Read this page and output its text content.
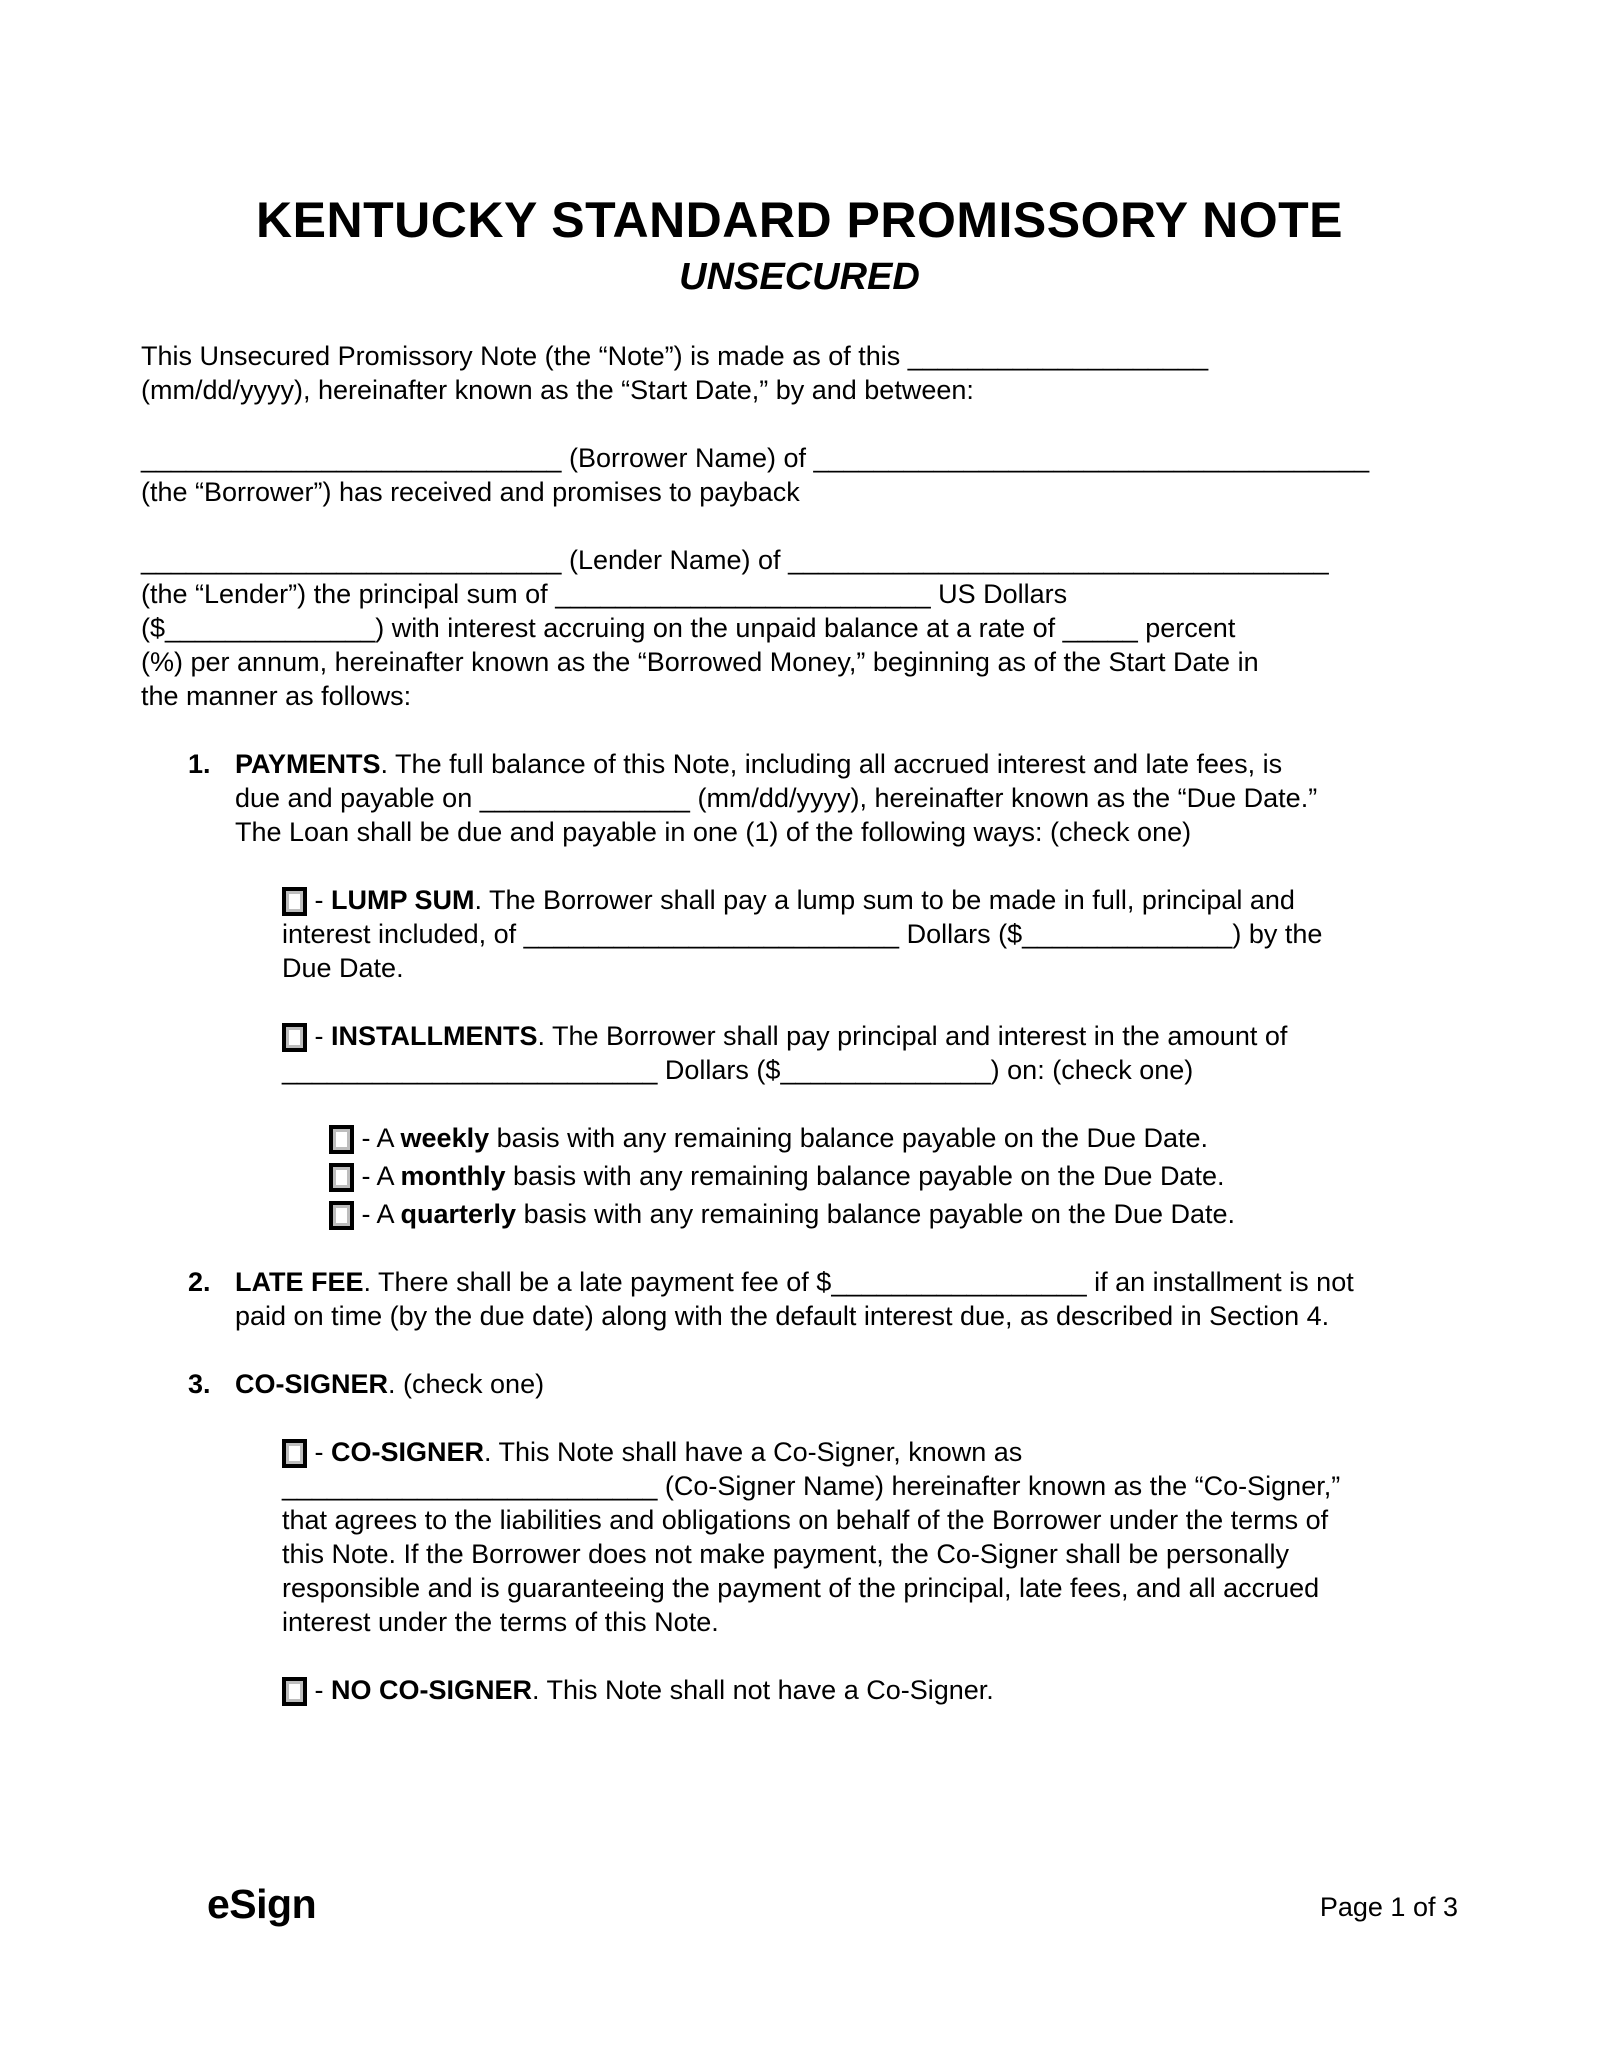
KENTUCKY STANDARD PROMISSORY NOTE
UNSECURED
This Unsecured Promissory Note (the “Note”) is made as of this ____________________
(mm/dd/yyyy), hereinafter known as the “Start Date,” by and between:
____________________________ (Borrower Name) of _____________________________________
(the “Borrower”) has received and promises to payback
____________________________ (Lender Name) of ____________________________________
(the “Lender”) the principal sum of _________________________ US Dollars
($______________) with interest accruing on the unpaid balance at a rate of _____ percent
(%) per annum, hereinafter known as the “Borrowed Money,” beginning as of the Start Date in
the manner as follows:
1. PAYMENTS. The full balance of this Note, including all accrued interest and late fees, is
due and payable on ______________ (mm/dd/yyyy), hereinafter known as the “Due Date.”
The Loan shall be due and payable in one (1) of the following ways: (check one)
- LUMP SUM. The Borrower shall pay a lump sum to be made in full, principal and
interest included, of _________________________ Dollars ($______________) by the
Due Date.
- INSTALLMENTS. The Borrower shall pay principal and interest in the amount of
_________________________ Dollars ($______________) on: (check one)
- A weekly basis with any remaining balance payable on the Due Date.
- A monthly basis with any remaining balance payable on the Due Date.
- A quarterly basis with any remaining balance payable on the Due Date.
2. LATE FEE. There shall be a late payment fee of $_________________ if an installment is not
paid on time (by the due date) along with the default interest due, as described in Section 4.
3. CO-SIGNER. (check one)
- CO-SIGNER. This Note shall have a Co-Signer, known as
_________________________ (Co-Signer Name) hereinafter known as the “Co-Signer,”
that agrees to the liabilities and obligations on behalf of the Borrower under the terms of
this Note. If the Borrower does not make payment, the Co-Signer shall be personally
responsible and is guaranteeing the payment of the principal, late fees, and all accrued
interest under the terms of this Note.
- NO CO-SIGNER. This Note shall not have a Co-Signer.
eSign	Page 1 of 3
